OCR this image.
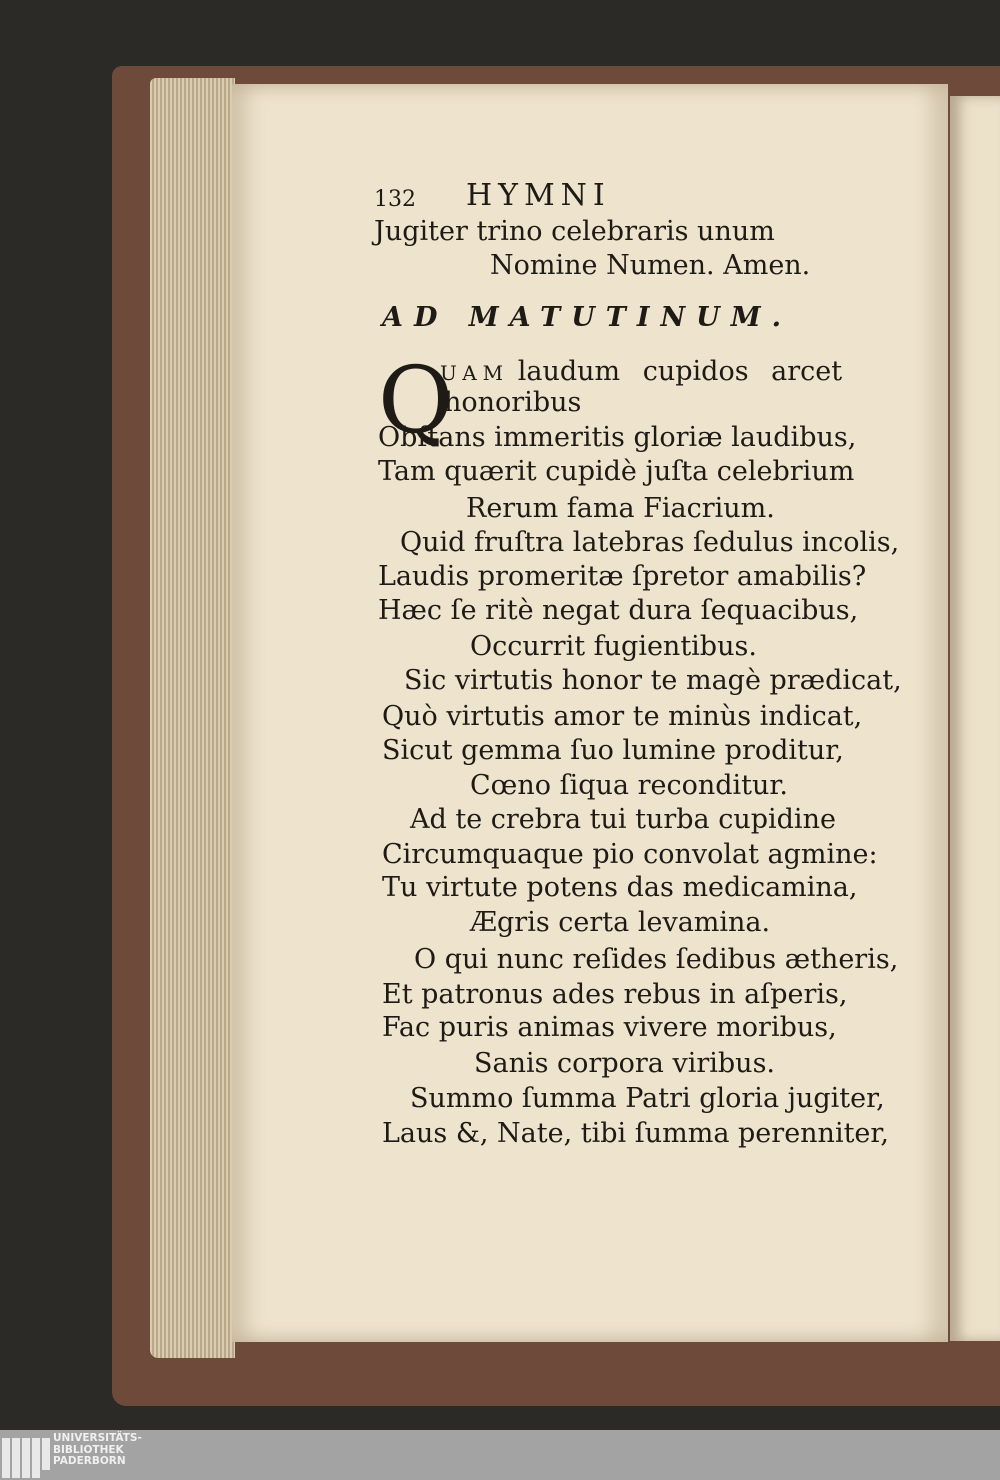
132 HYMNI
Jugiter trino celebraris unum
Nomine Numen. Amen.
AD MATUTINUM.
Q
UAM laudum cupidos arcet
honoribus
Obſtans immeritis gloriæ laudibus,
Tam quærit cupidè juſta celebrium
Rerum fama Fiacrium.
Quid fruſtra latebras ſedulus incolis,
Laudis promeritæ ſpretor amabilis?
Hæc ſe ritè negat dura ſequacibus,
Occurrit fugientibus.
Sic virtutis honor te magè prædicat,
Quò virtutis amor te minùs indicat,
Sicut gemma ſuo lumine proditur,
Cœno ſiqua reconditur.
Ad te crebra tui turba cupidine
Circumquaque pio convolat agmine:
Tu virtute potens das medicamina,
Ægris certa levamina.
O qui nunc reſides ſedibus ætheris,
Et patronus ades rebus in aſperis,
Fac puris animas vivere moribus,
Sanis corpora viribus.
Summo ſumma Patri gloria jugiter,
Laus &, Nate, tibi ſumma perenniter,
UNIVERSITÄTS-
BIBLIOTHEK
PADERBORN
